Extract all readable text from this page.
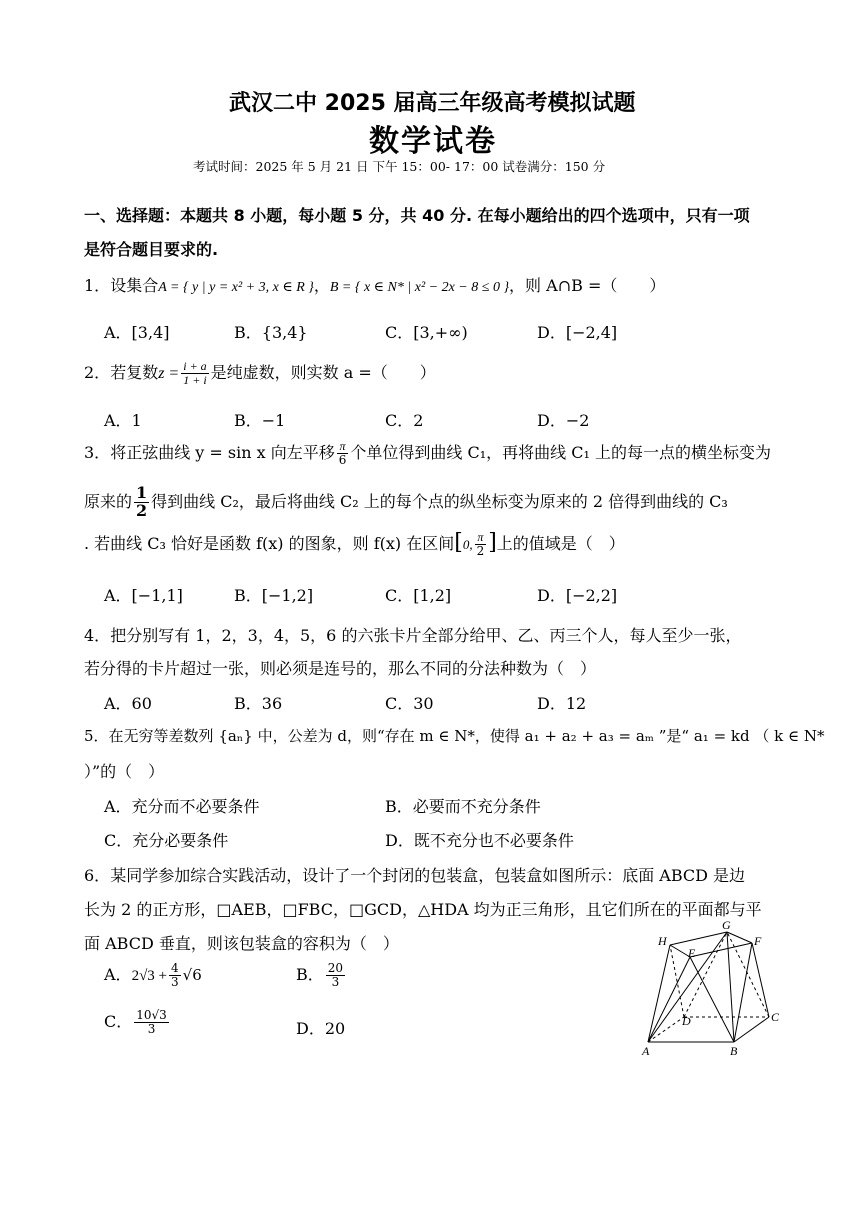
武汉二中 2025 届高三年级高考模拟试题
数学试卷
考试时间：2025 年 5 月 21 日 下午 15：00- 17：00 试卷满分：150 分
一、选择题：本题共 8 小题，每小题 5 分，共 40 分. 在每小题给出的四个选项中，只有一项
是符合题目要求的.
1．设集合A = { y | y = x² + 3, x ∈ R }，B = { x ∈ N* | x² − 2x − 8 ≤ 0 }，则 A∩B =（　　）
A．[3,4]	B．{3,4}	C．[3,+∞)	D．[−2,4]
2．若复数$z = \frac{i + a}{1 + i}$ 是纯虚数，则实数 a =（　　）
A．1	B．−1	C．2	D．−2
3．将正弦曲线 y = sin x 向左平移 $\frac{\pi}{6}$ 个单位得到曲线 C₁，再将曲线 C₁ 上的每一点的横坐标变为
原来的 $\frac{1}{2}$ 得到曲线 C₂，最后将曲线 C₂ 上的每个点的纵坐标变为原来的 2 倍得到曲线的 C₃
. 若曲线 C₃ 恰好是函数 f(x) 的图象，则 f(x) 在区间[0, $\frac{\pi}{2}$ ]上的值域是（　）
A．[−1,1]	B．[−1,2]	C．[1,2]	D．[−2,2]
4．把分别写有 1，2，3，4，5，6 的六张卡片全部分给甲、乙、丙三个人，每人至少一张，
若分得的卡片超过一张，则必须是连号的，那么不同的分法种数为（　）
A．60	B．36	C．30	D．12
5．在无穷等差数列 {aₙ} 中，公差为 d，则“存在 m ∈ N*，使得 a₁ + a₂ + a₃ = aₘ ”是“ a₁ = kd （ k ∈ N*
）”的（　）
A．充分而不必要条件	B．必要而不充分条件
C．充分必要条件	D．既不充分也不必要条件
6．某同学参加综合实践活动，设计了一个封闭的包装盒，包装盒如图所示：底面 ABCD 是边
长为 2 的正方形，□AEB，□FBC，□GCD，△HDA 均为正三角形，且它们所在的平面都与平
面 ABCD 垂直，则该包装盒的容积为（　）
A．$2√3 + \frac{4}{3} √6$	B． $\frac{20}{3}$
C． $\frac{10√3}{3}$	D．20
H
G
F
E
D	C
A	B
